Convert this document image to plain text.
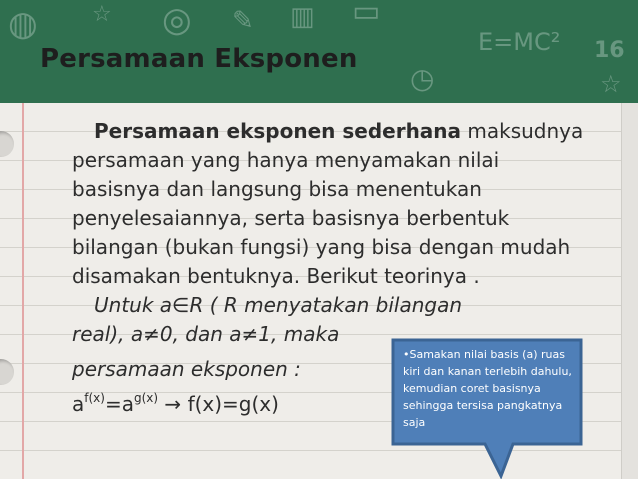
◍ ☆ ◎ ✎ ▥ ▭
E=MC² 16
◷	☆
Persamaan Eksponen
Persamaan eksponen sederhana maksudnya
persamaan yang hanya menyamakan nilai
basisnya dan langsung bisa menentukan
penyelesaiannya, serta basisnya berbentuk
bilangan (bukan fungsi) yang bisa dengan mudah
disamakan bentuknya. Berikut teorinya .
Untuk a∈R ( R menyatakan bilangan
real), a≠0, dan a≠1, maka
persamaan eksponen :
$a^{f(x)}=a^{g(x)} \to f(x)=g(x)$
•Samakan nilai basis (a) ruas kiri dan kanan terlebih dahulu, kemudian coret basisnya sehingga tersisa pangkatnya saja
